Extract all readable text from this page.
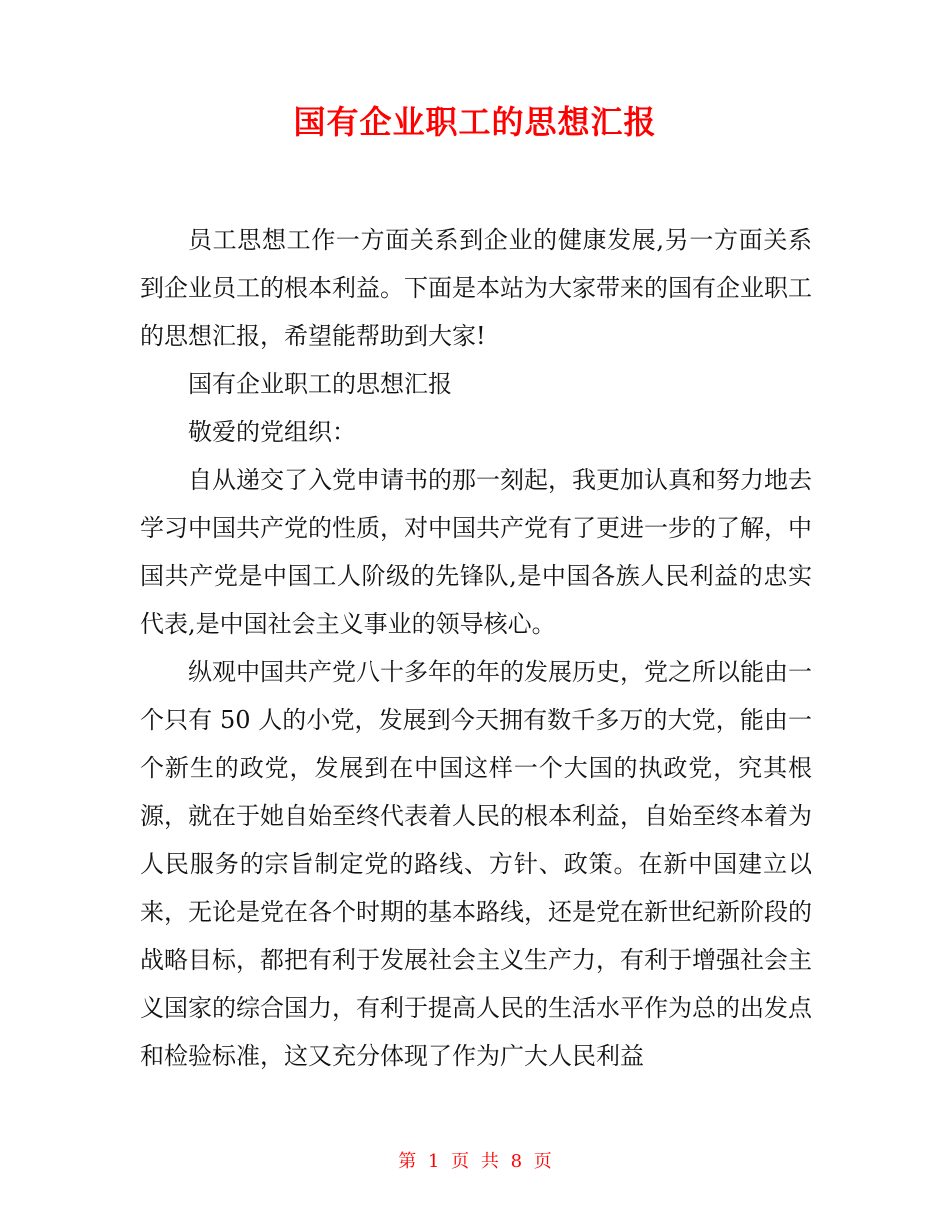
国有企业职工的思想汇报

员工思想工作一方面关系到企业的健康发展,另一方面关系到企业员工的根本利益。下面是本站为大家带来的国有企业职工的思想汇报，希望能帮助到大家!

国有企业职工的思想汇报

敬爱的党组织：

自从递交了入党申请书的那一刻起，我更加认真和努力地去学习中国共产党的性质，对中国共产党有了更进一步的了解，中国共产党是中国工人阶级的先锋队,是中国各族人民利益的忠实代表,是中国社会主义事业的领导核心。

纵观中国共产党八十多年的年的发展历史，党之所以能由一个只有 50 人的小党，发展到今天拥有数千多万的大党，能由一个新生的政党，发展到在中国这样一个大国的执政党，究其根源，就在于她自始至终代表着人民的根本利益，自始至终本着为人民服务的宗旨制定党的路线、方针、政策。在新中国建立以来，无论是党在各个时期的基本路线，还是党在新世纪新阶段的战略目标，都把有利于发展社会主义生产力，有利于增强社会主义国家的综合国力，有利于提高人民的生活水平作为总的出发点和检验标准，这又充分体现了作为广大人民利益

第 1 页 共 8 页
